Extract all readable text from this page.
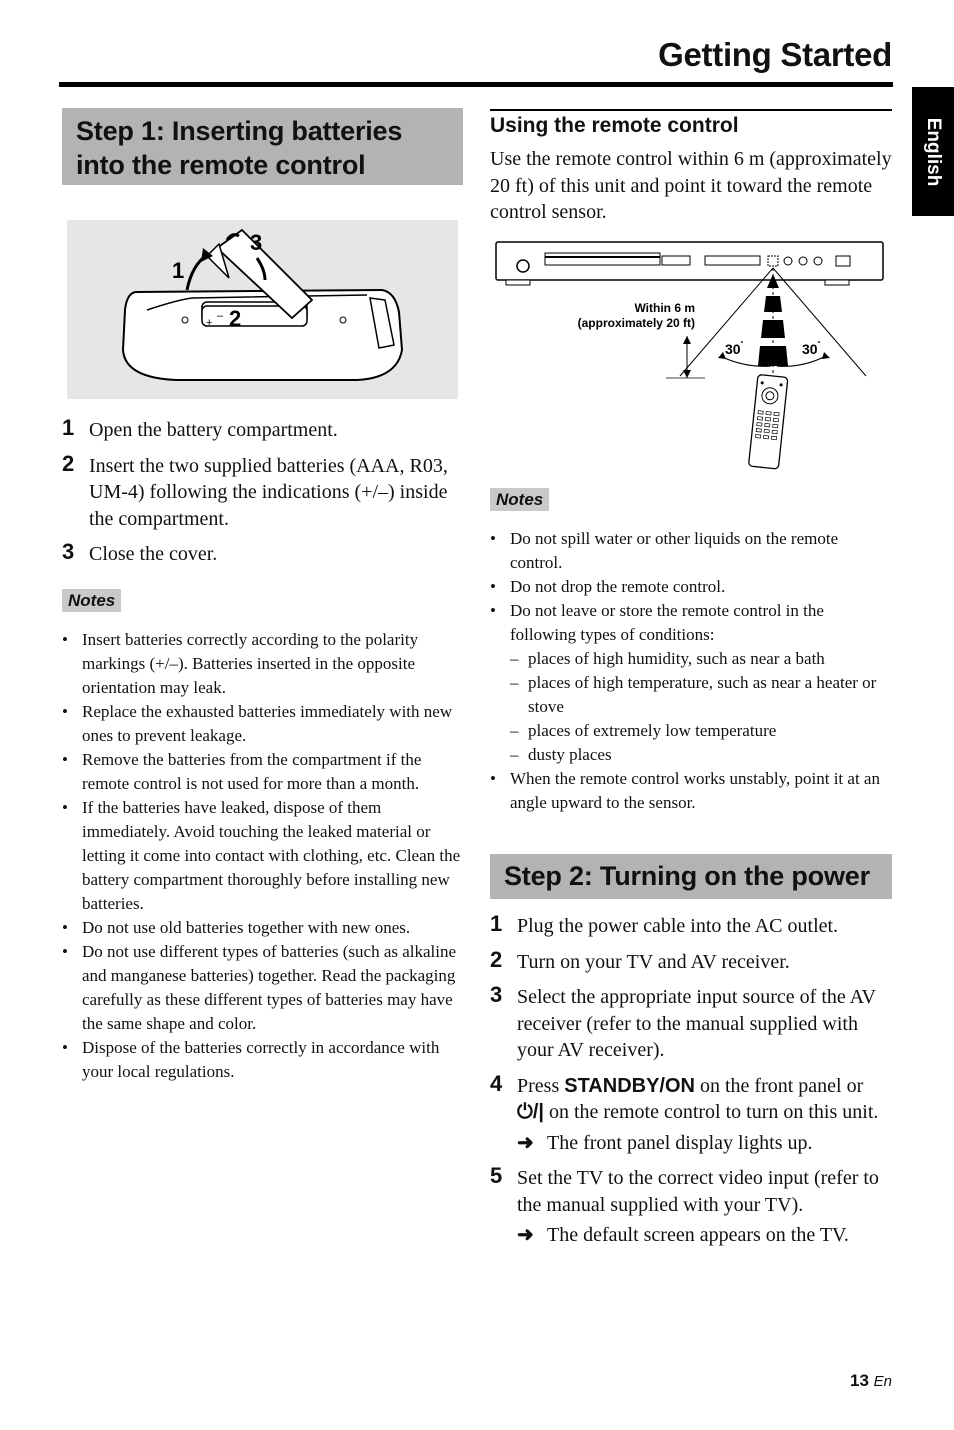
Getting Started
English
Step 1: Inserting batteries into the remote control
+
–
1
2
3
1 Open the battery compartment.
2 Insert the two supplied batteries (AAA, R03, UM-4) following the indications (+/–) inside the compartment.
3 Close the cover.
Notes
• Insert batteries correctly according to the polarity markings (+/–). Batteries inserted in the opposite orientation may leak.
• Replace the exhausted batteries immediately with new ones to prevent leakage.
• Remove the batteries from the compartment if the remote control is not used for more than a month.
• If the batteries have leaked, dispose of them immediately. Avoid touching the leaked material or letting it come into contact with clothing, etc. Clean the battery compartment thoroughly before installing new batteries.
• Do not use old batteries together with new ones.
• Do not use different types of batteries (such as alkaline and manganese batteries) together. Read the packaging carefully as these different types of batteries may have the same shape and color.
• Dispose of the batteries correctly in accordance with your local regulations.
Using the remote control
Use the remote control within 6 m (approximately 20 ft) of this unit and point it toward the remote control sensor.
Within 6 m
(approximately 20 ft)
30˚	30˚
Notes
• Do not spill water or other liquids on the remote control.
• Do not drop the remote control.
• Do not leave or store the remote control in the following types of conditions:
– places of high humidity, such as near a bath
– places of high temperature, such as near a heater or stove
– places of extremely low temperature
– dusty places
• When the remote control works unstably, point it at an angle upward to the sensor.
Step 2: Turning on the power
1 Plug the power cable into the AC outlet.
2 Turn on your TV and AV receiver.
3 Select the appropriate input source of the AV receiver (refer to the manual supplied with your AV receiver).
4 Press STANDBY/ON on the front panel or ⏻/| on the remote control to turn on this unit.
➜ The front panel display lights up.
5 Set the TV to the correct video input (refer to the manual supplied with your TV).
➜ The default screen appears on the TV.
13 En
